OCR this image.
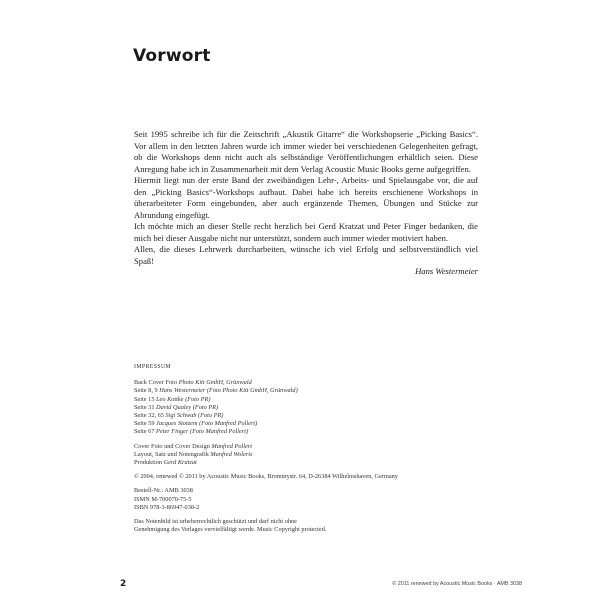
Vorwort

Seit 1995 schreibe ich für die Zeitschrift „Akustik Gitarre“ die Workshopserie „Picking Basics“. Vor allem in den letzten Jahren wurde ich immer wieder bei verschiedenen Gelegenheiten gefragt, ob die Workshops denn nicht auch als selbständige Veröffentlichungen erhältlich seien. Diese Anregung habe ich in Zusammenarbeit mit dem Verlag Acoustic Music Books gerne aufgegriffen.

Hiermit liegt nun der erste Band der zweibändigen Lehr-, Arbeits- und Spielausgabe vor, die auf den „Picking Basics“-Workshops aufbaut. Dabei habe ich bereits erschienene Workshops in überarbeiteter Form eingebunden, aber auch ergänzende Themen, Übungen und Stücke zur Abrundung eingefügt.

Ich möchte mich an dieser Stelle recht herzlich bei Gerd Kratzat und Peter Finger bedanken, die mich bei dieser Ausgabe nicht nur unterstützt, sondern auch immer wieder motiviert haben.

Allen, die dieses Lehrwerk durcharbeiten, wünsche ich viel Erfolg und selbstverständlich viel Spaß!

Hans Westermeier
IMPRESSUM
Back Cover Foto Photo Kitt GmbH, Grünwald
Seite 8, 9 Hans Westermeier (Foto Photo Kitt GmbH, Grünwald)
Seite 15 Leo Kottke (Foto PR)
Seite 31 David Qualey (Foto PR)
Seite 32, 65 Sigi Schwab (Foto PR)
Seite 59 Jacques Stotzem (Foto Manfred Pollert)
Seite 67 Peter Finger (Foto Manfred Pollert)
Cover Foto und Cover Design Manfred Pollert
Layout, Satz und Notengrafik Manfred Woleris
Produktion Gerd Kratzat
© 2004, renewed © 2011 by Acoustic Music Books, Brommystr. 64, D-26384 Wilhelmshaven, Germany
Bestell-Nr.: AMB 3038
ISMN M-700070-75-5
ISBN 978-3-86947-038-2
Das Notenbild ist urheberrechtlich geschützt und darf nicht ohne
Genehmigung des Verlages vervielfältigt werde. Music Copyright protected.
2	© 2011 renewed by Acoustic Music Books · AMB 3038
